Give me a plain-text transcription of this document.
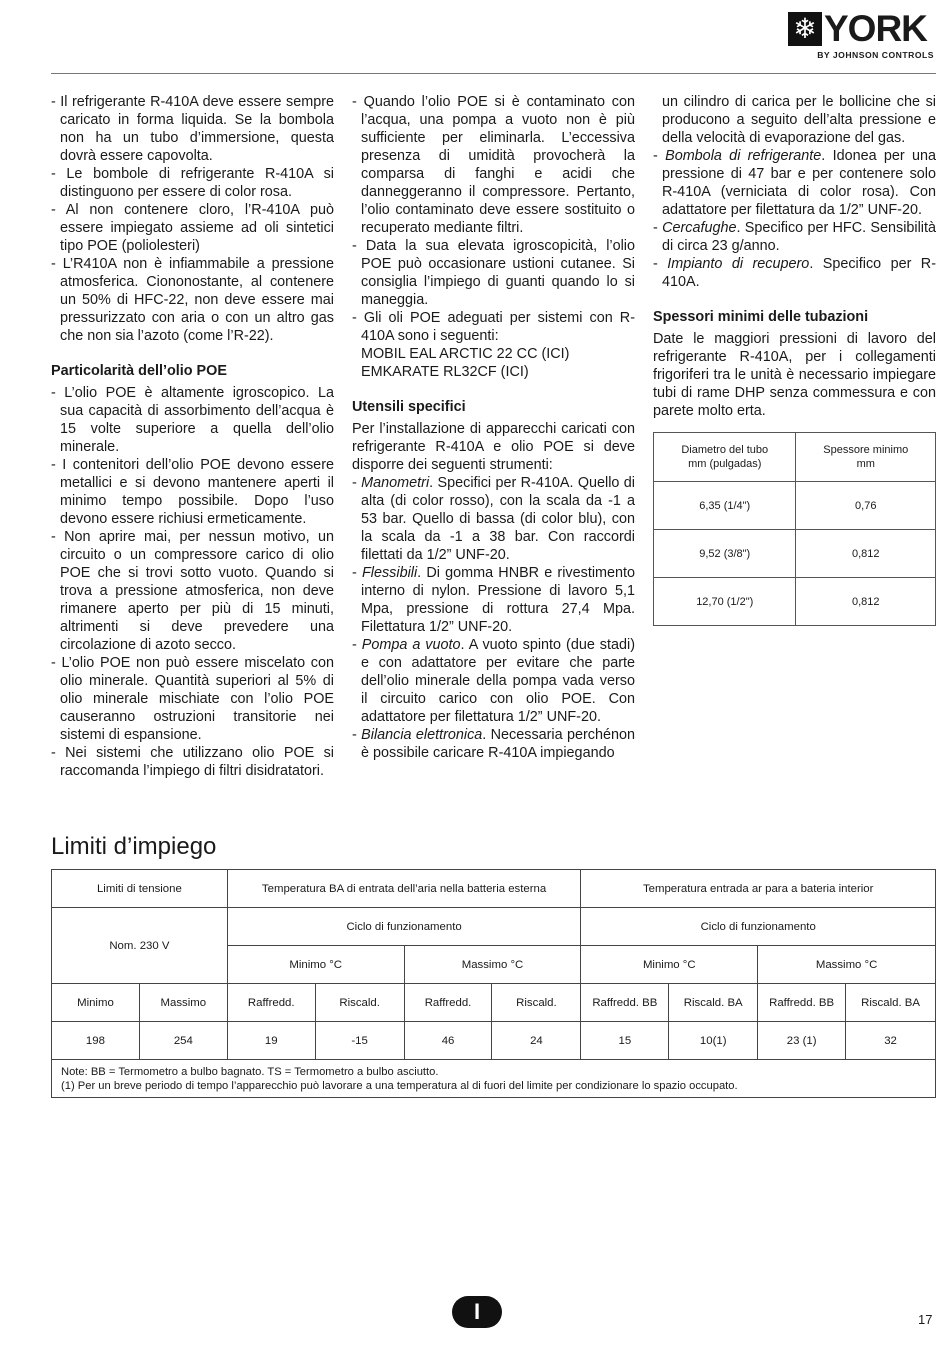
❄ YORK
BY JOHNSON CONTROLS

- Il refrigerante R-410A deve essere sempre caricato in forma liquida. Se la bombola non ha un tubo d’immersione, questa dovrà essere capovolta.

- Le bombole di refrigerante R-410A si distinguono per essere di color rosa.

- Al non contenere cloro, l’R-410A può essere impiegato assieme ad oli sintetici tipo POE (poliolesteri)

- L’R410A non è infiammabile a pressione atmosferica. Ciononostante, al contenere un 50% di HFC-22, non deve essere mai pressurizzato con aria o con un altro gas che non sia l’azoto (come l’R-22).

Particolarità dell’olio POE

- L’olio POE è altamente igroscopico. La sua capacità di assorbimento dell’acqua è 15 volte superiore a quella dell’olio minerale.

- I contenitori dell’olio POE devono essere metallici e si devono mantenere aperti il minimo tempo possibile. Dopo l’uso devono essere richiusi ermeticamente.

- Non aprire mai, per nessun motivo, un circuito o un compressore carico di olio POE che si trovi sotto vuoto. Quando si trova a pressione atmosferica, non deve rimanere aperto per più di 15 minuti, altrimenti si deve prevedere una circolazione di azoto secco.

- L’olio POE non può essere miscelato con olio minerale. Quantità superiori al 5% di olio minerale mischiate con l’olio POE causeranno ostruzioni transitorie nei sistemi di espansione.

- Nei sistemi che utilizzano olio POE si raccomanda l’impiego di filtri disidratatori.

- Quando l’olio POE si è contaminato con l’acqua, una pompa a vuoto non è più sufficiente per eliminarla. L’eccessiva presenza di umidità provocherà la comparsa di fanghi e acidi che danneggeranno il compressore. Pertanto, l’olio contaminato deve essere sostituito o recuperato mediante filtri.

- Data la sua elevata igroscopicità, l’olio POE può occasionare ustioni cutanee. Si consiglia l’impiego di guanti quando lo si maneggia.

- Gli oli POE adeguati per sistemi con R-410A sono i seguenti:

MOBIL EAL ARCTIC 22 CC (ICI)

EMKARATE RL32CF (ICI)

Utensili specifici

Per l’installazione di apparecchi caricati con refrigerante R-410A e olio POE si deve disporre dei seguenti strumenti:

- Manometri. Specifici per R-410A. Quello di alta (di color rosso), con la scala da -1 a 53 bar. Quello di bassa (di color blu), con la scala da -1 a 38 bar. Con raccordi filettati da 1/2” UNF-20.

- Flessibili. Di gomma HNBR e rivestimento interno di nylon. Pressione di lavoro 5,1 Mpa, pressione di rottura 27,4 Mpa. Filettatura 1/2” UNF-20.

- Pompa a vuoto. A vuoto spinto (due stadi) e con adattatore per evitare che parte dell’olio minerale della pompa vada verso il circuito carico con olio POE. Con adattatore per filettatura 1/2” UNF-20.

- Bilancia elettronica. Necessaria perchénon è possibile caricare R-410A impiegando

un cilindro di carica per le bollicine che si producono a seguito dell’alta pressione e della velocità di evaporazione del gas.

- Bombola di refrigerante. Idonea per una pressione di 47 bar e per contenere solo R-410A (verniciata di color rosa). Con adattatore per filettatura da 1/2” UNF-20.

- Cercafughe. Specifico per HFC. Sensibilità di circa 23 g/anno.

- Impianto di recupero. Specifico per R-410A.

Spessori minimi delle tubazioni

Date le maggiori pressioni di lavoro del refrigerante R-410A, per i collegamenti frigoriferi tra le unità è necessario impiegare tubi di rame DHP senza commessura e con parete molto erta.

Diametro del tubo
mm (pulgadas)	Spessore minimo
mm
6,35 (1/4")	0,76
9,52 (3/8")	0,812
12,70 (1/2")	0,812
Limiti d’impiego
Limiti di tensione		Temperatura BA di entrata dell’aria nella batteria esterna				Temperatura entrada ar para a bateria interior			
Nom. 230 V		Ciclo di funzionamento				Ciclo di funzionamento			
		Minimo °C		Massimo °C		Minimo °C		Massimo °C	
Minimo	Massimo	Raffredd.	Riscald.	Raffredd.	Riscald.	Raffredd. BB	Riscald. BA	Raffredd. BB	Riscald. BA
198	254	19	-15	46	24	15	10(1)	23 (1)	32

Note: BB = Termometro a bulbo bagnato. TS = Termometro a bulbo asciutto.
(1) Per un breve periodo di tempo l’apparecchio può lavorare a una temperatura al di fuori del limite per condizionare lo spazio occupato.									
I	17
